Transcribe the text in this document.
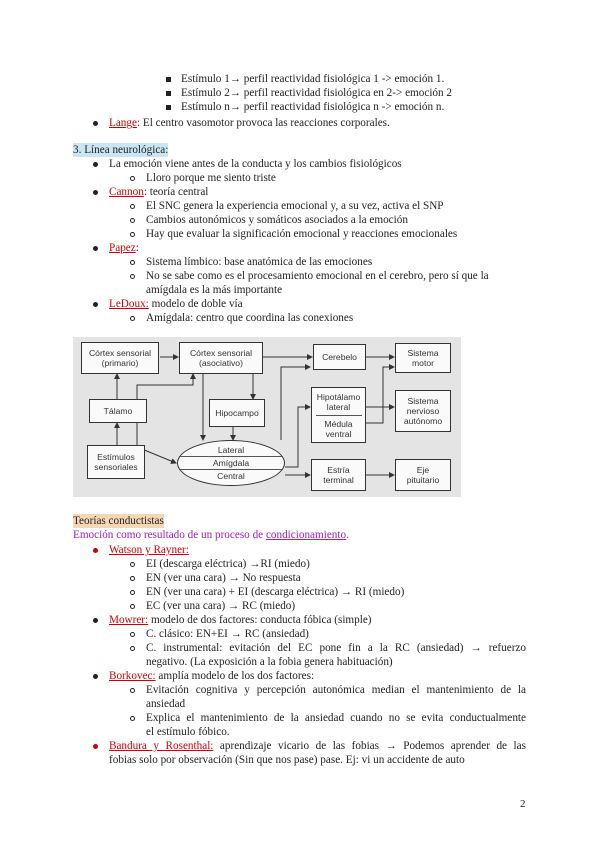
Estímulo 1→ perfil reactividad fisiológica 1 -> emoción 1.
Estímulo 2→ perfil reactividad fisiológica en 2-> emoción 2
Estímulo n→ perfil reactividad fisiológica n -> emoción n.
Lange: El centro vasomotor provoca las reacciones corporales.
3. Línea neurológica:
La emoción viene antes de la conducta y los cambios fisiológicos
Lloro porque me siento triste
Cannon: teoría central
El SNC genera la experiencia emocional y, a su vez, activa el SNP
Cambios autonómicos y somáticos asociados a la emoción
Hay que evaluar la significación emocional y reacciones emocionales
Papez:
Sistema límbico: base anatómica de las emociones
No se sabe como es el procesamiento emocional en el cerebro, pero sí que la
amígdala es la más importante
LeDoux: modelo de doble vía
Amígdala: centro que coordina las conexiones
Córtex sensorial
(primario)
Córtex sensorial
(asociativo)
Cerebelo	Sistema
motor
Tálamo	Hipocampo
Hipotálamo
lateral
Médula
ventral
Sistema
nervioso
autónomo
Estímulos
sensoriales
Lateral
Amígdala
Central
Estría
terminal
Eje
pituitario
Teorías conductistas
Emoción como resultado de un proceso de condicionamiento.
Watson y Rayner:
EI (descarga eléctrica) →RI (miedo)
EN (ver una cara) → No respuesta
EN (ver una cara) + EI (descarga eléctrica) → RI (miedo)
EC (ver una cara) → RC (miedo)
Mowrer: modelo de dos factores: conducta fóbica (simple)
C. clásico: EN+EI → RC (ansiedad)
C. instrumental: evitación del EC pone fin a la RC (ansiedad) → refuerzo
negativo. (La exposición a la fobia genera habituación)
Borkovec: amplía modelo de los dos factores:
Evitación cognitiva y percepción autonómica median el mantenimiento de la
ansiedad
Explica el mantenimiento de la ansiedad cuando no se evita conductualmente
el estímulo fóbico.
Bandura y Rosenthal: aprendizaje vicario de las fobias → Podemos aprender de las
fobias solo por observación (Sin que nos pase) pase. Ej: vi un accidente de auto
2
